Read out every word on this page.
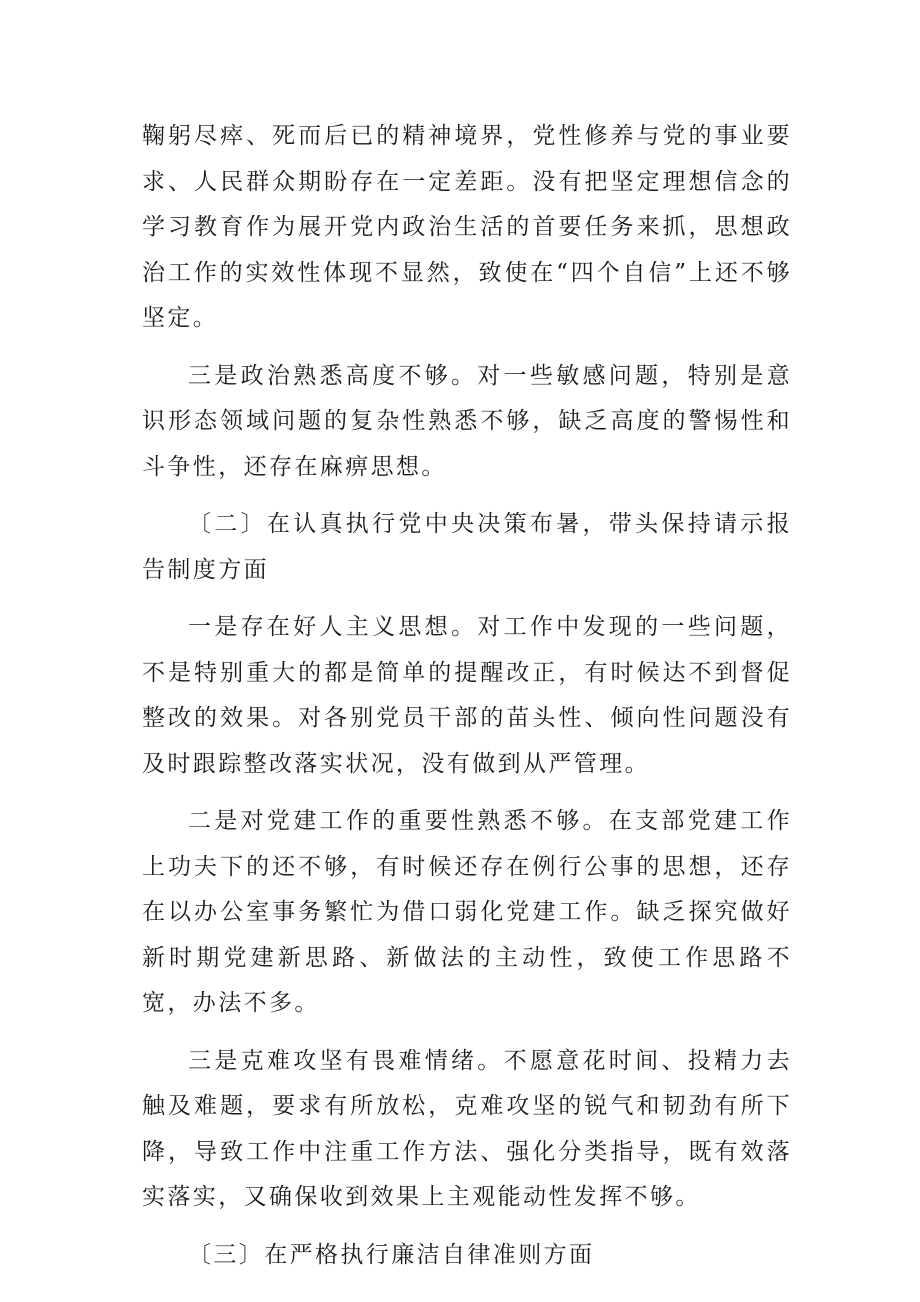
鞠躬尽瘁、死而后已的精神境界，党性修养与党的事业要求、人民群众期盼存在一定差距。没有把坚定理想信念的学习教育作为展开党内政治生活的首要任务来抓，思想政治工作的实效性体现不显然，致使在“四个自信”上还不够坚定。

三是政治熟悉高度不够。对一些敏感问题，特别是意识形态领域问题的复杂性熟悉不够，缺乏高度的警惕性和斗争性，还存在麻痹思想。

〔二〕在认真执行党中央决策布暑，带头保持请示报告制度方面

一是存在好人主义思想。对工作中发现的一些问题，不是特别重大的都是简单的提醒改正，有时候达不到督促整改的效果。对各别党员干部的苗头性、倾向性问题没有及时跟踪整改落实状况，没有做到从严管理。

二是对党建工作的重要性熟悉不够。在支部党建工作上功夫下的还不够，有时候还存在例行公事的思想，还存在以办公室事务繁忙为借口弱化党建工作。缺乏探究做好新时期党建新思路、新做法的主动性，致使工作思路不宽，办法不多。

三是克难攻坚有畏难情绪。不愿意花时间、投精力去触及难题，要求有所放松，克难攻坚的锐气和韧劲有所下降，导致工作中注重工作方法、强化分类指导，既有效落实落实，又确保收到效果上主观能动性发挥不够。

〔三〕在严格执行廉洁自律准则方面
